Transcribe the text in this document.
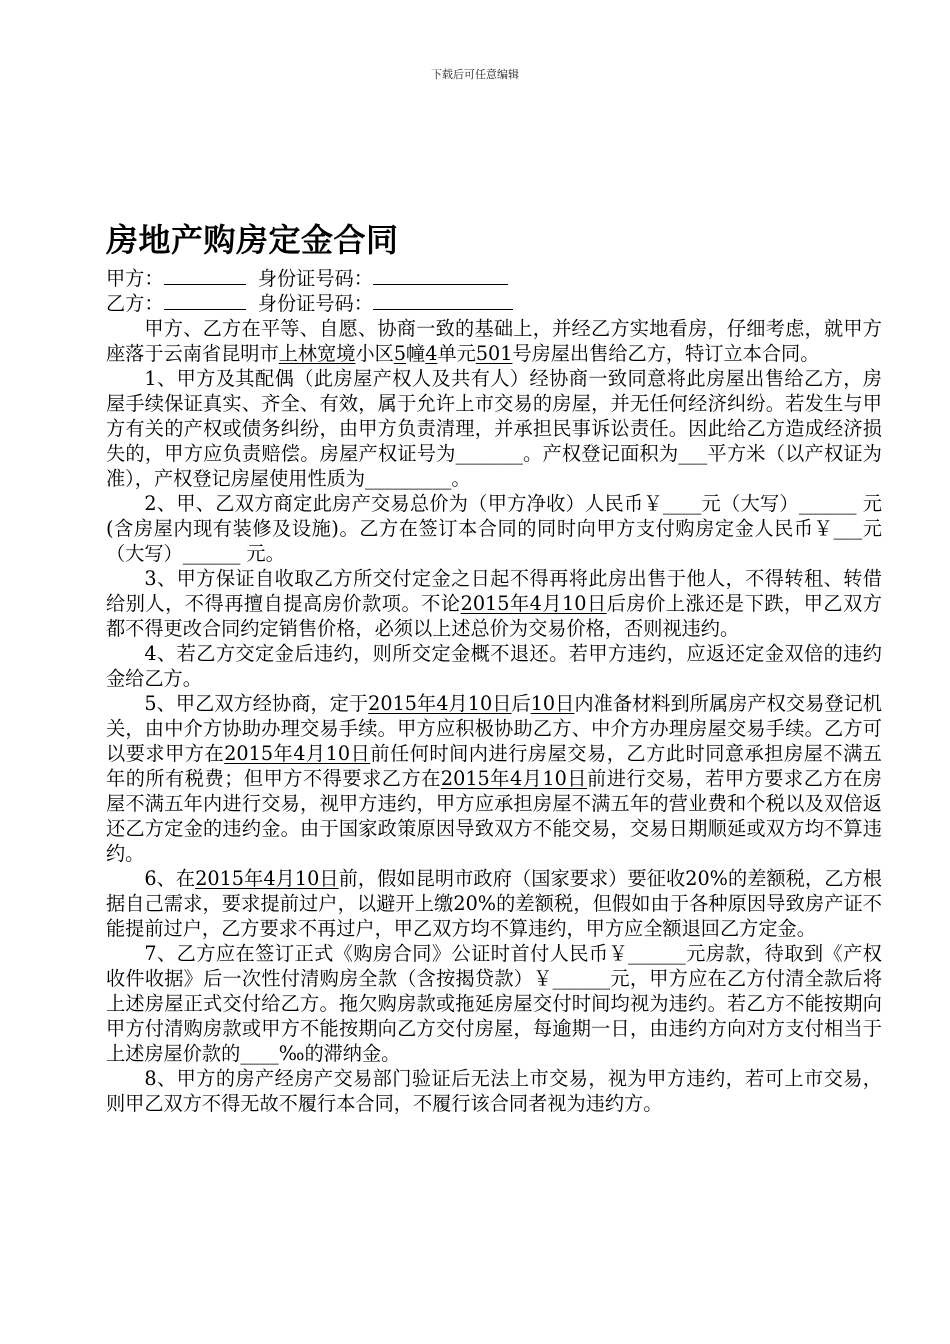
下载后可任意编辑
房地产购房定金合同
甲方：	身份证号码：
乙方：	身份证号码：

甲方、乙方在平等、自愿、协商一致的基础上，并经乙方实地看房，仔细考虑，就甲方座落于云南省昆明市上林宽境小区5幢4单元501号房屋出售给乙方，特订立本合同。

1、甲方及其配偶（此房屋产权人及共有人）经协商一致同意将此房屋出售给乙方，房屋手续保证真实、齐全、有效，属于允许上市交易的房屋，并无任何经济纠纷。若发生与甲方有关的产权或债务纠纷，由甲方负责清理，并承担民事诉讼责任。因此给乙方造成经济损失的，甲方应负责赔偿。房屋产权证号为_______。产权登记面积为___平方米（以产权证为准），产权登记房屋使用性质为_________。

2、甲、乙双方商定此房产交易总价为（甲方净收）人民币￥____元（大写）______ 元(含房屋内现有装修及设施)。乙方在签订本合同的同时向甲方支付购房定金人民币￥___元（大写）______ 元。

3、甲方保证自收取乙方所交付定金之日起不得再将此房出售于他人，不得转租、转借给别人，不得再擅自提高房价款项。不论2015年4月10日后房价上涨还是下跌，甲乙双方都不得更改合同约定销售价格，必须以上述总价为交易价格，否则视违约。

4、若乙方交定金后违约，则所交定金概不退还。若甲方违约，应返还定金双倍的违约金给乙方。

5、甲乙双方经协商，定于2015年4月10日后10日内准备材料到所属房产权交易登记机关，由中介方协助办理交易手续。甲方应积极协助乙方、中介方办理房屋交易手续。乙方可以要求甲方在2015年4月10日前任何时间内进行房屋交易，乙方此时同意承担房屋不满五年的所有税费；但甲方不得要求乙方在2015年4月10日前进行交易，若甲方要求乙方在房屋不满五年内进行交易，视甲方违约，甲方应承担房屋不满五年的营业费和个税以及双倍返还乙方定金的违约金。由于国家政策原因导致双方不能交易，交易日期顺延或双方均不算违约。

6、在2015年4月10日前，假如昆明市政府（国家要求）要征收20%的差额税，乙方根据自己需求，要求提前过户，以避开上缴20%的差额税，但假如由于各种原因导致房产证不能提前过户，乙方要求不再过户，甲乙双方均不算违约，甲方应全额退回乙方定金。

7、乙方应在签订正式《购房合同》公证时首付人民币￥______元房款，待取到《产权收件收据》后一次性付清购房全款（含按揭贷款）￥______元，甲方应在乙方付清全款后将上述房屋正式交付给乙方。拖欠购房款或拖延房屋交付时间均视为违约。若乙方不能按期向甲方付清购房款或甲方不能按期向乙方交付房屋，每逾期一日，由违约方向对方支付相当于上述房屋价款的____‰的滞纳金。

8、甲方的房产经房产交易部门验证后无法上市交易，视为甲方违约，若可上市交易，则甲乙双方不得无故不履行本合同，不履行该合同者视为违约方。
